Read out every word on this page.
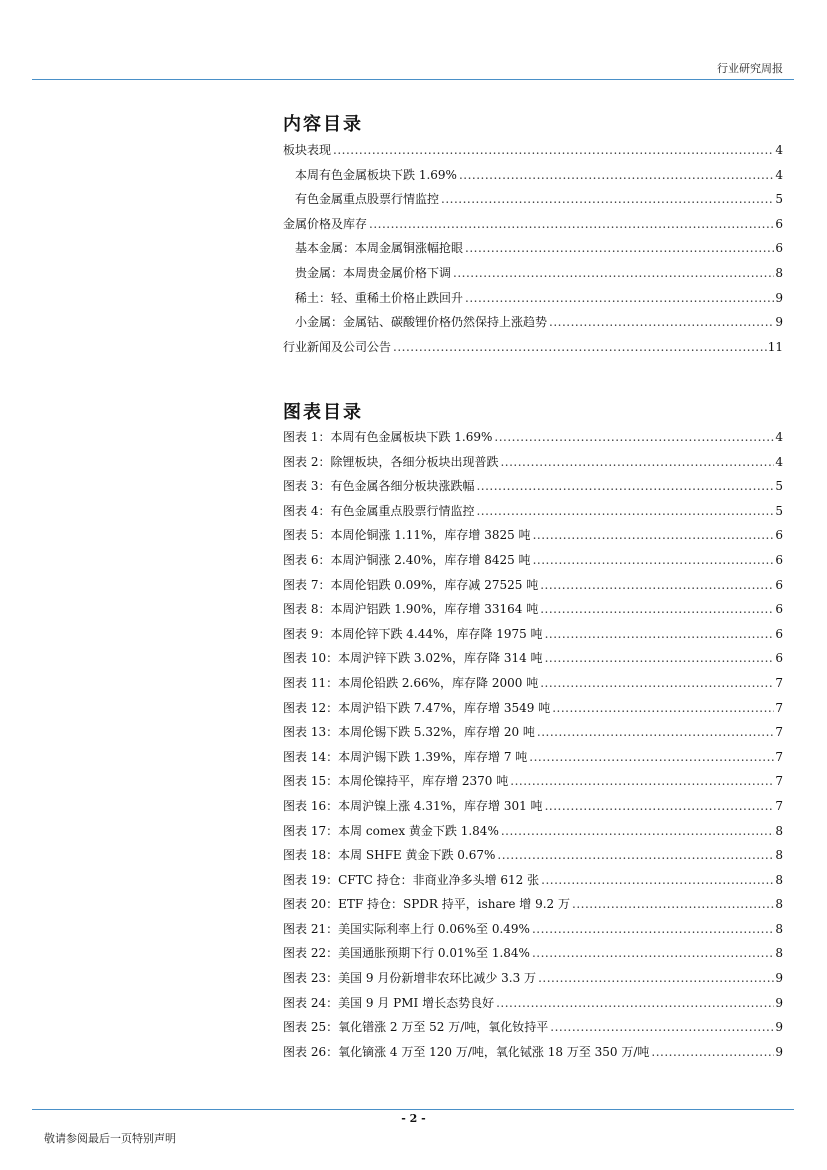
行业研究周报
内容目录
板块表现 .....	4
本周有色金属板块下跌 1.69% .....	4
有色金属重点股票行情监控 .....	5
金属价格及库存 .....	6
基本金属：本周金属铜涨幅抢眼 .....	6
贵金属：本周贵金属价格下调 .....	8
稀土：轻、重稀土价格止跌回升 .....	9
小金属：金属钴、碳酸锂价格仍然保持上涨趋势 .....	9
行业新闻及公司公告 .....	11
图表目录
图表 1：本周有色金属板块下跌 1.69% .....	4
图表 2：除锂板块，各细分板块出现普跌 .....	4
图表 3：有色金属各细分板块涨跌幅 .....	5
图表 4：有色金属重点股票行情监控 .....	5
图表 5：本周伦铜涨 1.11%，库存增 3825 吨 .....	6
图表 6：本周沪铜涨 2.40%，库存增 8425 吨 .....	6
图表 7：本周伦铝跌 0.09%，库存减 27525 吨 .....	6
图表 8：本周沪铝跌 1.90%，库存增 33164 吨 .....	6
图表 9：本周伦锌下跌 4.44%，库存降 1975 吨 .....	6
图表 10：本周沪锌下跌 3.02%，库存降 314 吨 .....	6
图表 11：本周伦铅跌 2.66%，库存降 2000 吨 .....	7
图表 12：本周沪铅下跌 7.47%，库存增 3549 吨 .....	7
图表 13：本周伦锡下跌 5.32%，库存增 20 吨 .....	7
图表 14：本周沪锡下跌 1.39%，库存增 7 吨 .....	7
图表 15：本周伦镍持平，库存增 2370 吨 .....	7
图表 16：本周沪镍上涨 4.31%，库存增 301 吨 .....	7
图表 17：本周 comex 黄金下跌 1.84% .....	8
图表 18：本周 SHFE 黄金下跌 0.67% .....	8
图表 19：CFTC 持仓：非商业净多头增 612 张 .....	8
图表 20：ETF 持仓：SPDR 持平，ishare 增 9.2 万 .....	8
图表 21：美国实际利率上行 0.06%至 0.49% .....	8
图表 22：美国通胀预期下行 0.01%至 1.84% .....	8
图表 23：美国 9 月份新增非农环比减少 3.3 万 .....	9
图表 24：美国 9 月 PMI 增长态势良好 .....	9
图表 25：氧化镨涨 2 万至 52 万/吨，氧化钕持平 .....	9
图表 26：氧化镝涨 4 万至 120 万/吨，氧化铽涨 18 万至 350 万/吨 .....	9
- 2 -
敬请参阅最后一页特别声明
